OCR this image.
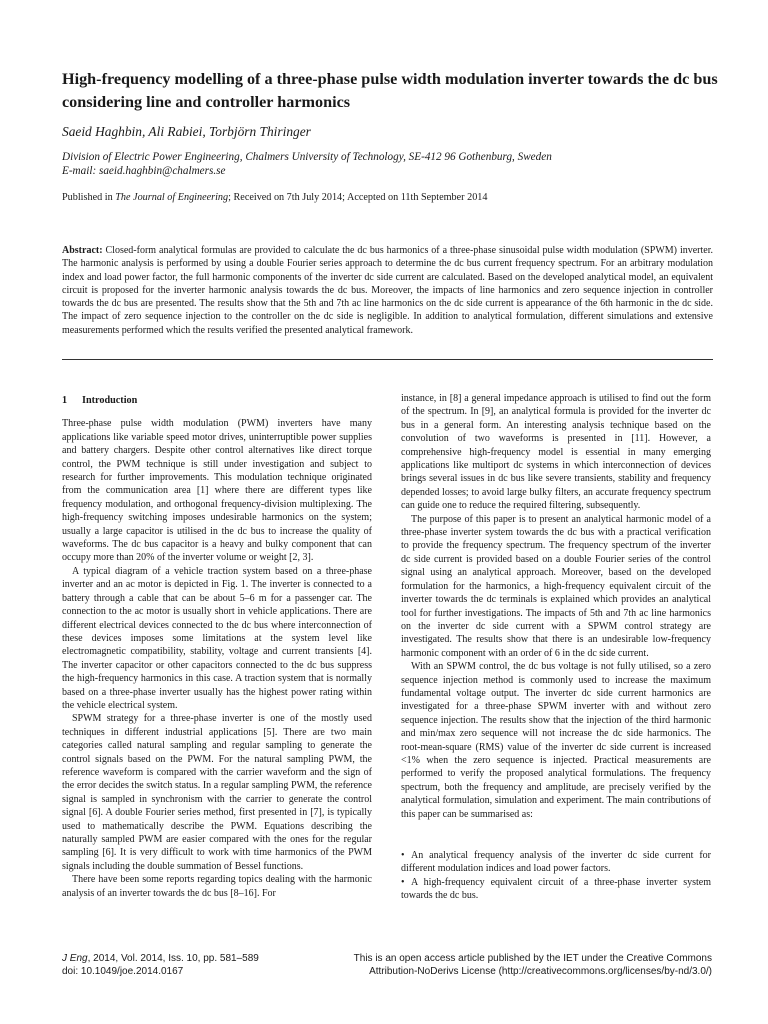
High-frequency modelling of a three-phase pulse width modulation inverter towards the dc bus considering line and controller harmonics
Saeid Haghbin, Ali Rabiei, Torbjörn Thiringer
Division of Electric Power Engineering, Chalmers University of Technology, SE-412 96 Gothenburg, Sweden
E-mail: saeid.haghbin@chalmers.se
Published in The Journal of Engineering; Received on 7th July 2014; Accepted on 11th September 2014
Abstract: Closed-form analytical formulas are provided to calculate the dc bus harmonics of a three-phase sinusoidal pulse width modulation (SPWM) inverter. The harmonic analysis is performed by using a double Fourier series approach to determine the dc bus current frequency spectrum. For an arbitrary modulation index and load power factor, the full harmonic components of the inverter dc side current are calculated. Based on the developed analytical model, an equivalent circuit is proposed for the inverter harmonic analysis towards the dc bus. Moreover, the impacts of line harmonics and zero sequence injection in controller towards the dc bus are presented. The results show that the 5th and 7th ac line harmonics on the dc side current is appearance of the 6th harmonic in the dc side. The impact of zero sequence injection to the controller on the dc side is negligible. In addition to analytical formulation, different simulations and extensive measurements performed which the results verified the presented analytical framework.
1 Introduction

Three-phase pulse width modulation (PWM) inverters have many applications like variable speed motor drives, uninterruptible power supplies and battery chargers. Despite other control alternatives like direct torque control, the PWM technique is still under investigation and subject to research for further improvements. This modulation technique originated from the communication area [1] where there are different types like frequency modulation, and orthogonal frequency-division multiplexing. The high-frequency switching imposes undesirable harmonics on the system; usually a large capacitor is utilised in the dc bus to increase the quality of waveforms. The dc bus capacitor is a heavy and bulky component that can occupy more than 20% of the inverter volume or weight [2, 3].

A typical diagram of a vehicle traction system based on a three-phase inverter and an ac motor is depicted in Fig. 1. The inverter is connected to a battery through a cable that can be about 5–6 m for a passenger car. The connection to the ac motor is usually short in vehicle applications. There are different electrical devices connected to the dc bus where interconnection of these devices imposes some limitations at the system level like electromagnetic compatibility, stability, voltage and current transients [4]. The inverter capacitor or other capacitors connected to the dc bus suppress the high-frequency harmonics in this case. A traction system that is normally based on a three-phase inverter usually has the highest power rating within the vehicle electrical system.

SPWM strategy for a three-phase inverter is one of the mostly used techniques in different industrial applications [5]. There are two main categories called natural sampling and regular sampling to generate the control signals based on the PWM. For the natural sampling PWM, the reference waveform is compared with the carrier waveform and the sign of the error decides the switch status. In a regular sampling PWM, the reference signal is sampled in synchronism with the carrier to generate the control signal [6]. A double Fourier series method, first presented in [7], is typically used to mathematically describe the PWM. Equations describing the naturally sampled PWM are easier compared with the ones for the regular sampling [6]. It is very difficult to work with time harmonics of the PWM signals including the double summation of Bessel functions.

There have been some reports regarding topics dealing with the harmonic analysis of an inverter towards the dc bus [8–16]. For

instance, in [8] a general impedance approach is utilised to find out the form of the spectrum. In [9], an analytical formula is provided for the inverter dc bus in a general form. An interesting analysis technique based on the convolution of two waveforms is presented in [11]. However, a comprehensive high-frequency model is essential in many emerging applications like multiport dc systems in which interconnection of devices brings several issues in dc bus like severe transients, stability and frequency depended losses; to avoid large bulky filters, an accurate frequency spectrum can guide one to reduce the required filtering, subsequently.

The purpose of this paper is to present an analytical harmonic model of a three-phase inverter system towards the dc bus with a practical verification to provide the frequency spectrum. The frequency spectrum of the inverter dc side current is provided based on a double Fourier series of the control signal using an analytical approach. Moreover, based on the developed formulation for the harmonics, a high-frequency equivalent circuit of the inverter towards the dc terminals is explained which provides an analytical tool for further investigations. The impacts of 5th and 7th ac line harmonics on the inverter dc side current with a SPWM control strategy are investigated. The results show that there is an undesirable low-frequency harmonic component with an order of 6 in the dc side current.

With an SPWM control, the dc bus voltage is not fully utilised, so a zero sequence injection method is commonly used to increase the maximum fundamental voltage output. The inverter dc side current harmonics are investigated for a three-phase SPWM inverter with and without zero sequence injection. The results show that the injection of the third harmonic and min/max zero sequence will not increase the dc side harmonics. The root-mean-square (RMS) value of the inverter dc side current is increased <1% when the zero sequence is injected. Practical measurements are performed to verify the proposed analytical formulations. The frequency spectrum, both the frequency and amplitude, are precisely verified by the analytical formulation, simulation and experiment. The main contributions of this paper can be summarised as:

• An analytical frequency analysis of the inverter dc side current for different modulation indices and load power factors.
• A high-frequency equivalent circuit of a three-phase inverter system towards the dc bus.
J Eng, 2014, Vol. 2014, Iss. 10, pp. 581–589
doi: 10.1049/joe.2014.0167
This is an open access article published by the IET under the Creative Commons
Attribution-NoDerivs License (http://creativecommons.org/licenses/by-nd/3.0/)
